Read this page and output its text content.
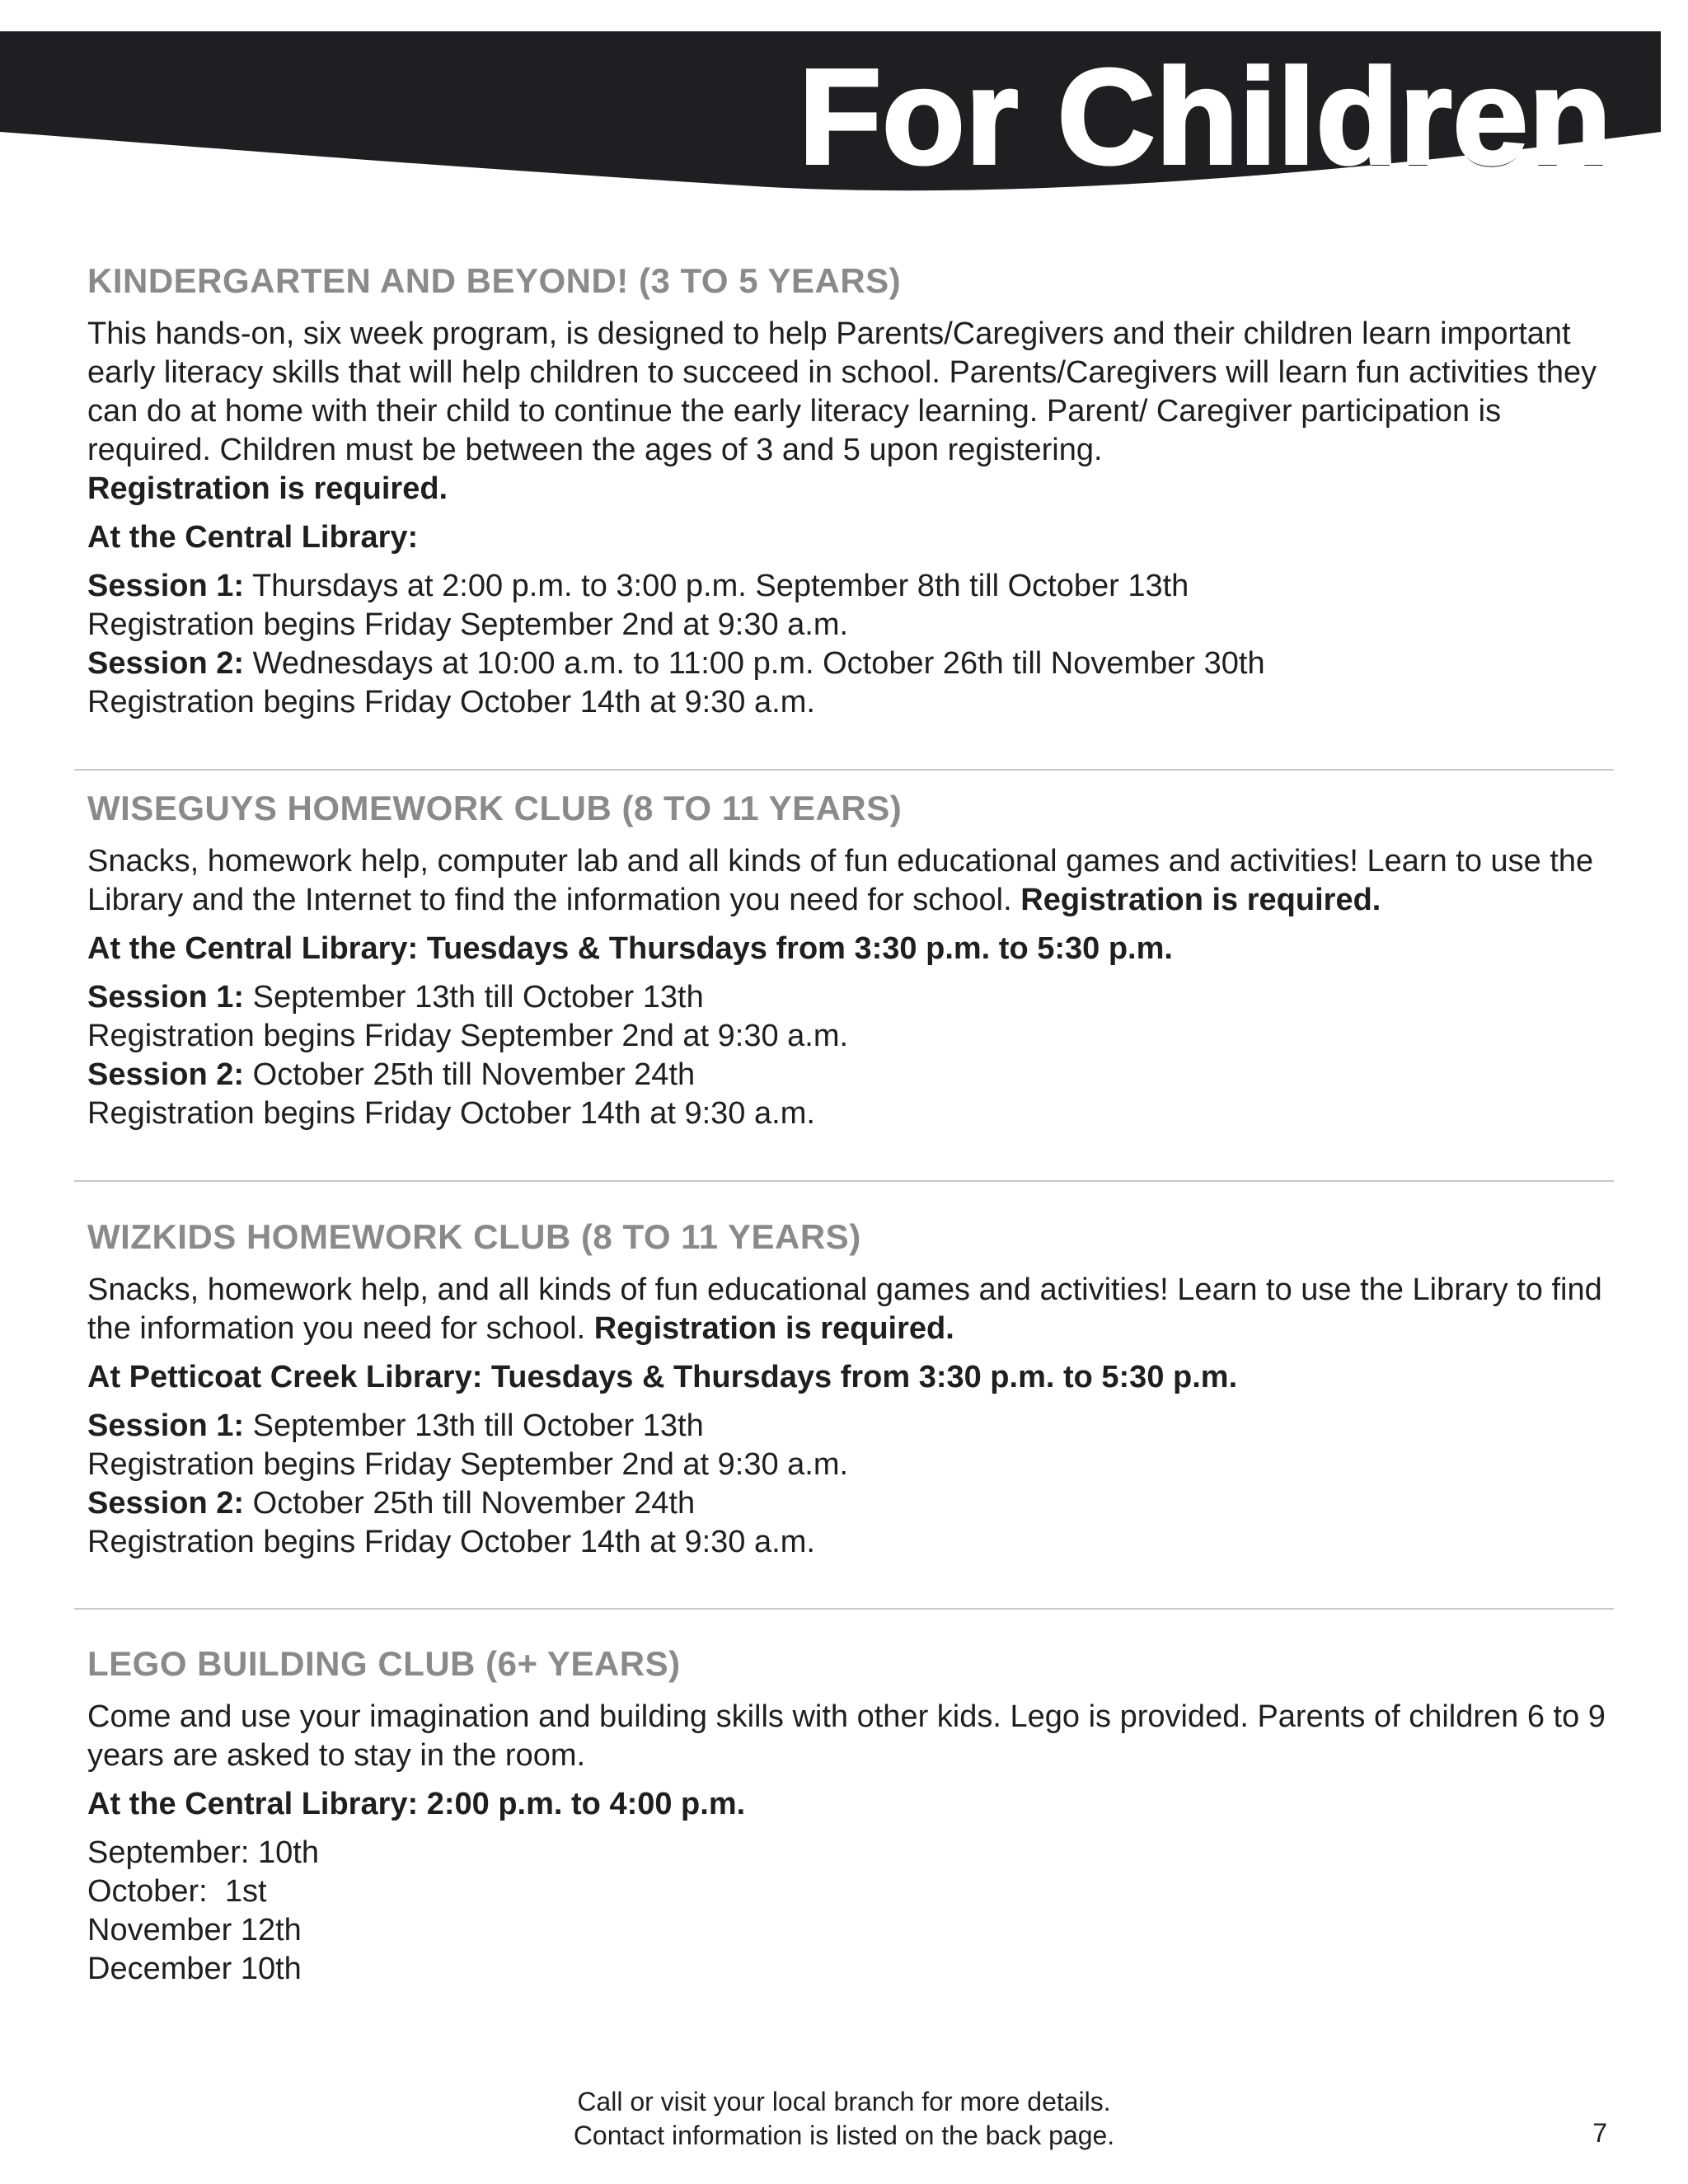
For Children
KINDERGARTEN AND BEYOND! (3 TO 5 YEARS)

This hands-on, six week program, is designed to help Parents/Caregivers and their children learn important early literacy skills that will help children to succeed in school. Parents/Caregivers will learn fun activities they can do at home with their child to continue the early literacy learning. Parent/ Caregiver participation is required. Children must be between the ages of 3 and 5 upon registering.
Registration is required.

At the Central Library:

Session 1: Thursdays at 2:00 p.m. to 3:00 p.m. September 8th till October 13th
Registration begins Friday September 2nd at 9:30 a.m.
Session 2: Wednesdays at 10:00 a.m. to 11:00 p.m. October 26th till November 30th
Registration begins Friday October 14th at 9:30 a.m.

WISEGUYS HOMEWORK CLUB (8 TO 11 YEARS)

Snacks, homework help, computer lab and all kinds of fun educational games and activities! Learn to use the Library and the Internet to find the information you need for school. Registration is required.

At the Central Library: Tuesdays & Thursdays from 3:30 p.m. to 5:30 p.m.

Session 1: September 13th till October 13th
Registration begins Friday September 2nd at 9:30 a.m.
Session 2: October 25th till November 24th
Registration begins Friday October 14th at 9:30 a.m.

WIZKIDS HOMEWORK CLUB (8 TO 11 YEARS)

Snacks, homework help, and all kinds of fun educational games and activities! Learn to use the Library to find the information you need for school. Registration is required.

At Petticoat Creek Library: Tuesdays & Thursdays from 3:30 p.m. to 5:30 p.m.

Session 1: September 13th till October 13th
Registration begins Friday September 2nd at 9:30 a.m.
Session 2: October 25th till November 24th
Registration begins Friday October 14th at 9:30 a.m.

LEGO BUILDING CLUB (6+ YEARS)

Come and use your imagination and building skills with other kids. Lego is provided. Parents of children 6 to 9 years are asked to stay in the room.

At the Central Library: 2:00 p.m. to 4:00 p.m.

September: 10th
October:  1st
November 12th
December 10th

Call or visit your local branch for more details.
Contact information is listed on the back page.	7
